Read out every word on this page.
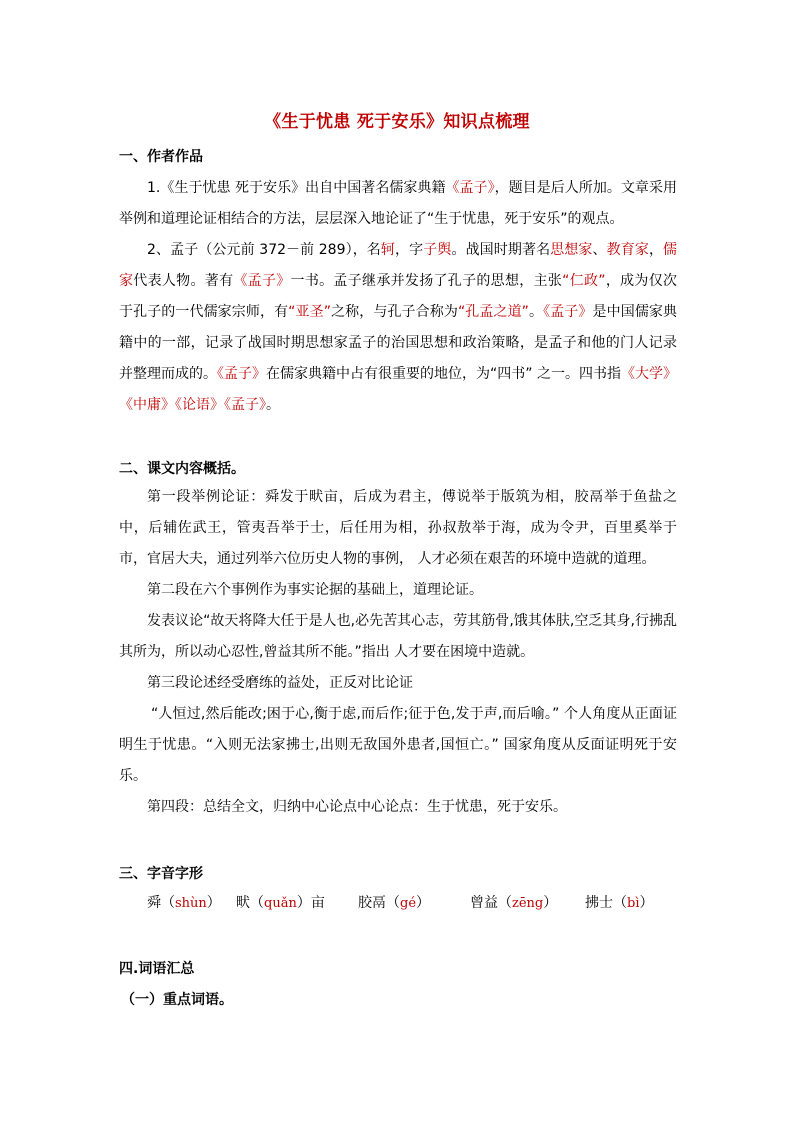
《生于忧患 死于安乐》知识点梳理
一、作者作品

1.《生于忧患 死于安乐》出自中国著名儒家典籍《孟子》，题目是后人所加。文章采用举例和道理论证相结合的方法，层层深入地论证了“生于忧患，死于安乐”的观点。

2、孟子（公元前 372－前 289），名轲，字子舆。战国时期著名思想家、教育家，儒家代表人物。著有《孟子》一书。孟子继承并发扬了孔子的思想，主张“仁政”，成为仅次于孔子的一代儒家宗师，有“亚圣”之称，与孔子合称为“孔孟之道”。《孟子》是中国儒家典籍中的一部，记录了战国时期思想家孟子的治国思想和政治策略，是孟子和他的门人记录并整理而成的。《孟子》在儒家典籍中占有很重要的地位，为“四书” 之一。四书指《大学》《中庸》《论语》《孟子》。

二、课文内容概括。

第一段举例论证：舜发于畎亩，后成为君主，傅说举于版筑为相，胶鬲举于鱼盐之中，后辅佐武王，管夷吾举于士，后任用为相，孙叔敖举于海，成为令尹，百里奚举于市，官居大夫，通过列举六位历史人物的事例， 人才必须在艰苦的环境中造就的道理。

第二段在六个事例作为事实论据的基础上，道理论证。

发表议论“故天将降大任于是人也,必先苦其心志，劳其筋骨,饿其体肤,空乏其身,行拂乱其所为，所以动心忍性,曾益其所不能。”指出 人才要在困境中造就。

第三段论述经受磨练的益处，正反对比论证

“人恒过,然后能改;困于心,衡于虑,而后作;征于色,发于声,而后喻。” 个人角度从正面证明生于忧患。“入则无法家拂士,出则无敌国外患者,国恒亡。” 国家角度从反面证明死于安乐。

第四段：总结全文，归纳中心论点中心论点：生于忧患，死于安乐。

三、字音字形
舜（shùn） 畎（quǎn）亩 胶鬲（gé）	曾益（zēng） 拂士（bì）
四.词语汇总
（一）重点词语。
